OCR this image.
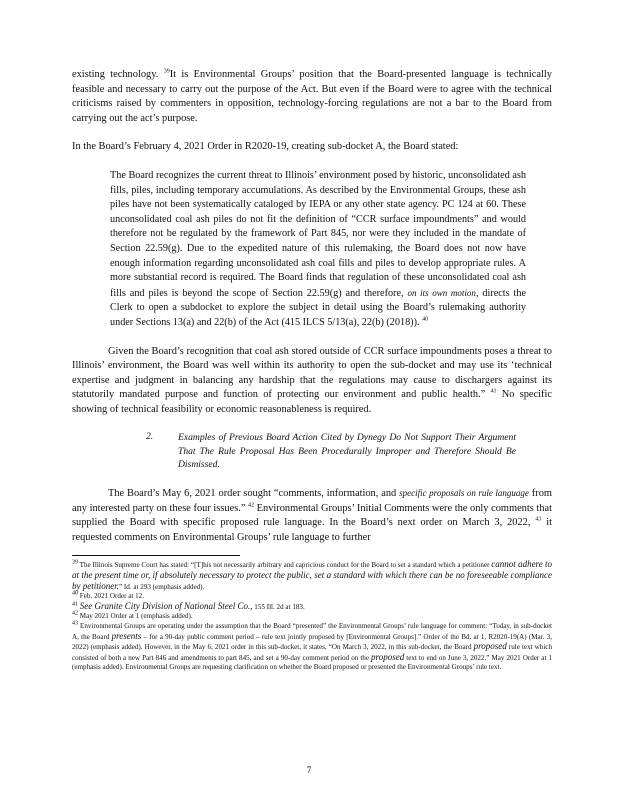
existing technology. $^{39}$It is Environmental Groups’ position that the Board-presented language is technically feasible and necessary to carry out the purpose of the Act. But even if the Board were to agree with the technical criticisms raised by commenters in opposition, technology-forcing regulations are not a bar to the Board from carrying out the act’s purpose.

In the Board’s February 4, 2021 Order in R2020-19, creating sub-docket A, the Board stated:

The Board recognizes the current threat to Illinois’ environment posed by historic, unconsolidated ash fills, piles, including temporary accumulations. As described by the Environmental Groups, these ash piles have not been systematically cataloged by IEPA or any other state agency. PC 124 at 60. These unconsolidated coal ash piles do not fit the definition of “CCR surface impoundments” and would therefore not be regulated by the framework of Part 845, nor were they included in the mandate of Section 22.59(g). Due to the expedited nature of this rulemaking, the Board does not now have enough information regarding unconsolidated ash coal fills and piles to develop appropriate rules. A more substantial record is required. The Board finds that regulation of these unconsolidated coal ash fills and piles is beyond the scope of Section 22.59(g) and therefore, on its own motion, directs the Clerk to open a subdocket to explore the subject in detail using the Board’s rulemaking authority under Sections 13(a) and 22(b) of the Act (415 ILCS 5/13(a), 22(b) (2018)). $^{40}$

Given the Board’s recognition that coal ash stored outside of CCR surface impoundments poses a threat to Illinois’ environment, the Board was well within its authority to open the sub-docket and may use its ‘technical expertise and judgment in balancing any hardship that the regulations may cause to dischargers against its statutorily mandated purpose and function of protecting our environment and public health.” $^{41}$ No specific showing of technical feasibility or economic reasonableness is required.

2.	Examples of Previous Board Action Cited by Dynegy Do Not Support Their Argument That The Rule Proposal Has Been Procedurally Improper and Therefore Should Be Dismissed.

The Board’s May 6, 2021 order sought “comments, information, and specific proposals on rule language from any interested party on these four issues.” $^{42}$ Environmental Groups’ Initial Comments were the only comments that supplied the Board with specific proposed rule language. In the Board’s next order on March 3, 2022, $^{43}$ it requested comments on Environmental Groups’ rule language to further

$^{39}$ The Illinois Supreme Court has stated: “[T]his not necessarily arbitrary and capricious conduct for the Board to set a standard which a petitioner cannot adhere to at the present time or, if absolutely necessary to protect the public, set a standard with which there can be no foreseeable compliance by petitioner.” Id. at 293 (emphasis added).

$^{40}$ Feb. 2021 Order at 12.

$^{41}$ See Granite City Division of National Steel Co., 155 Ill. 2d at 183.

$^{42}$ May 2021 Order at 1 (emphasis added).

$^{43}$ Environmental Groups are operating under the assumption that the Board “presented” the Environmental Groups’ rule language for comment: “Today, in sub-docket A, the Board presents – for a 90-day public comment period – rule text jointly proposed by [Environmental Groups].” Order of the Bd. at 1, R2020-19(A) (Mar. 3, 2022) (emphasis added). However, in the May 6, 2021 order in this sub-docket, it states, “On March 3, 2022, in this sub-docket, the Board proposed rule text which consisted of both a new Part 846 and amendments to part 845, and set a 90-day comment period on the proposed text to end on June 3, 2022.” May 2021 Order at 1 (emphasis added). Environmental Groups are requesting clarification on whether the Board proposed or presented the Environmental Groups’ rule text.

7
